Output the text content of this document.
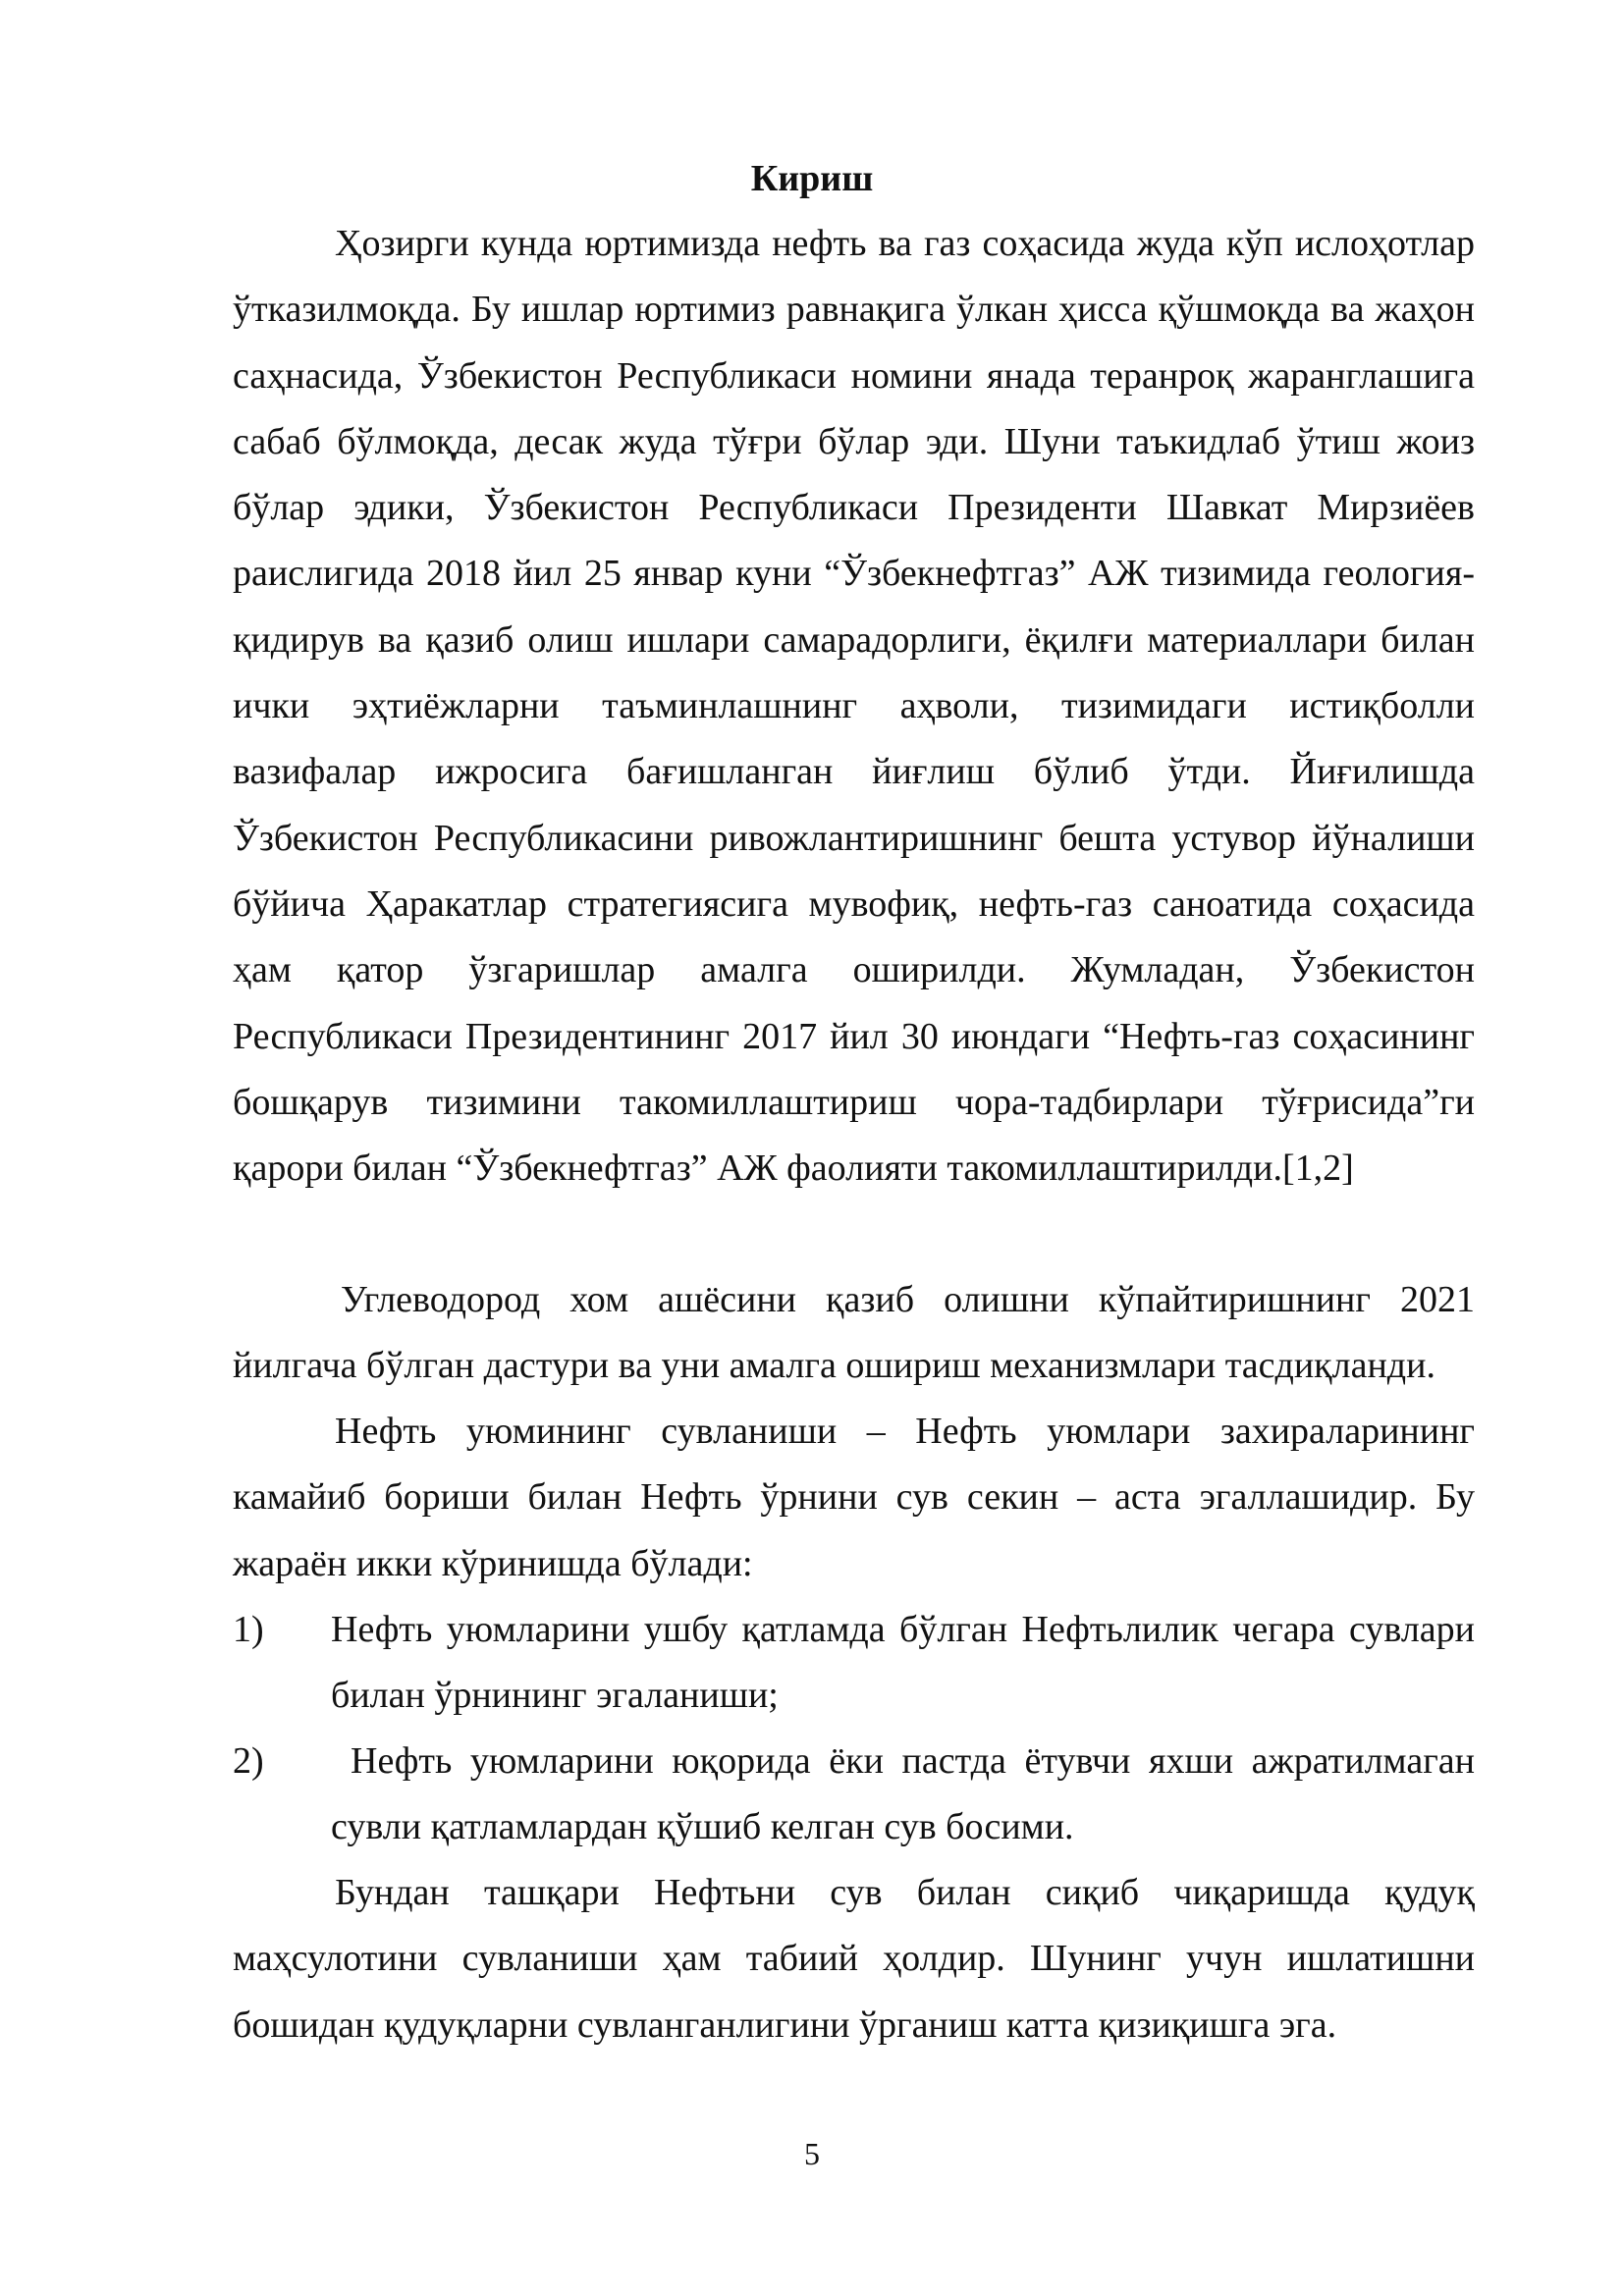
Кириш

Ҳозирги кунда юртимизда нефть ва газ соҳасида жуда кўп ислоҳотлар ўтказилмоқда. Бу ишлар юртимиз равнақига ўлкан ҳисса қўшмоқда ва жаҳон саҳнасида, Ўзбекистон Республикаси номини янада теранроқ жаранглашига сабаб бўлмоқда, десак жуда тўғри бўлар эди. Шуни таъкидлаб ўтиш жоиз бўлар эдики, Ўзбекистон Республикаси Президенти Шавкат Мирзиёев раислигида 2018 йил 25 январ куни “Ўзбекнефтгаз” АЖ тизимида геология-қидирув ва қазиб олиш ишлари самарадорлиги, ёқилғи материаллари билан ички эҳтиёжларни таъминлашнинг аҳволи, тизимидаги истиқболли вазифалар ижросига бағишланган йиғлиш бўлиб ўтди. Йиғилишда Ўзбекистон Республикасини ривожлантиришнинг бешта устувор йўналиши бўйича Ҳаракатлар стратегиясига мувофиқ, нефть-газ саноатида соҳасида ҳам қатор ўзгаришлар амалга оширилди. Жумладан, Ўзбекистон Республикаси Президентининг 2017 йил 30 июндаги “Нефть-газ соҳасининг бошқарув тизимини такомиллаштириш чора-тадбирлари тўғрисида”ги қарори билан “Ўзбекнефтгаз” АЖ фаолияти такомиллаштирилди.[1,2]

Углеводород хом ашёсини қазиб олишни кўпайтиришнинг 2021 йилгача бўлган дастури ва уни амалга ошириш механизмлари тасдиқланди.

Нефть уюмининг сувланиши – Нефть уюмлари захираларининг камайиб бориши билан Нефть ўрнини сув секин – аста эгаллашидир. Бу жараён икки кўринишда бўлади:

1) Нефть уюмларини ушбу қатламда бўлган Нефтьлилик чегара сувлари билан ўрнининг эгаланиши;
2)	Нефть уюмларини юқорида ёки пастда ётувчи яхши ажратилмаган сувли қатламлардан қўшиб келган сув босими.

Бундан ташқари Нефтьни сув билан сиқиб чиқаришда қудуқ маҳсулотини сувланиши ҳам табиий ҳолдир. Шунинг учун ишлатишни бошидан қудуқларни сувланганлигини ўрганиш катта қизиқишга эга.

5
